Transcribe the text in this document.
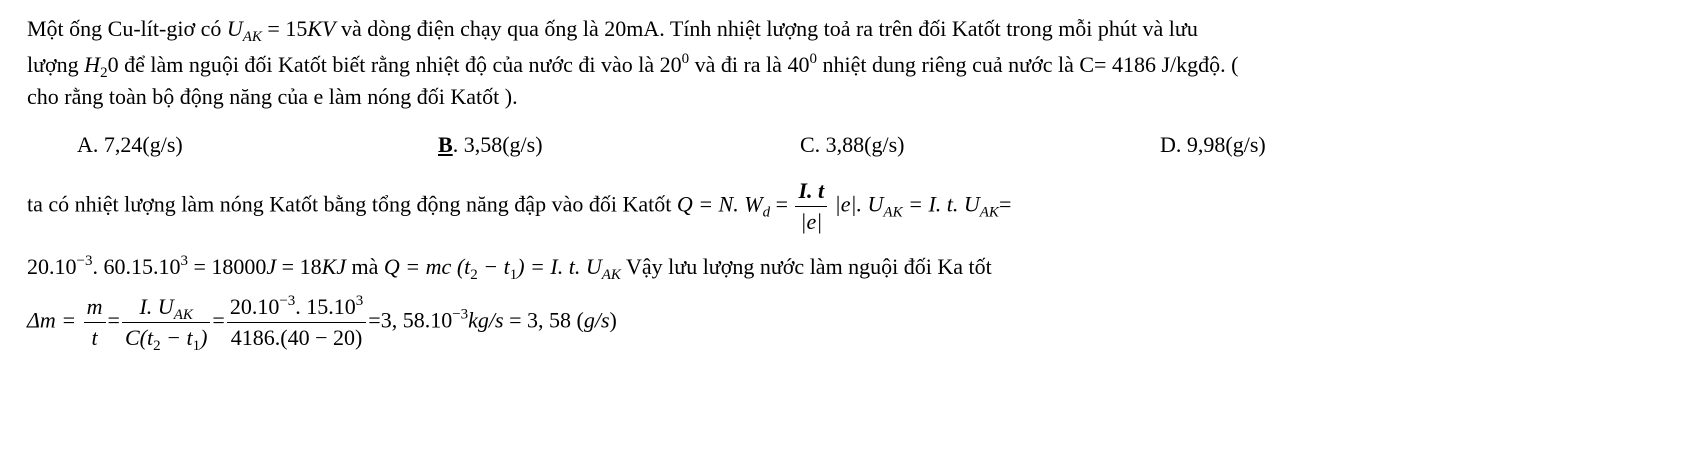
Một ống Cu-lít-giơ có $U_{AK} = 15KV$ và dòng điện chạy qua ống là 20mA. Tính nhiệt lượng toả ra trên đối Katốt trong mỗi phút và lưu
lượng $H_20$ để làm nguội đối Katốt biết rằng nhiệt độ của nước đi vào là $20^0$ và đi ra là $40^0$ nhiệt dung riêng cuả nước là C= 4186 J/kgđộ. (
cho rằng toàn bộ động năng của e làm nóng đối Katốt ).
A. 7,24(g/s)	B. 3,58(g/s)	C. 3,88(g/s)	D. 9,98(g/s)
ta có nhiệt lượng làm nóng Katốt bằng tổng động năng đập vào đối Katốt Q = N. $W_d = \frac{I. t}{|e|} |e|$. $U_{AK} = I$. t. $U_{AK}=$
$20.10^{-3}$. $60.15.10^3 = 18000J = 18KJ$ mà Q = mc $(t_2 - t_1) = I$. t. $U_{AK}$ Vậy lưu lượng nước làm nguội đối Ka tốt
$\Delta m = \frac{m}{t} = \frac{I. U_{AK}}{C(t_2 - t_1)} = \frac{20.10^{-3}. 15.10^3}{4186.(40 - 20)} =3$, $58.10^{-3}kg/s = 3$, 58 (g/s)
